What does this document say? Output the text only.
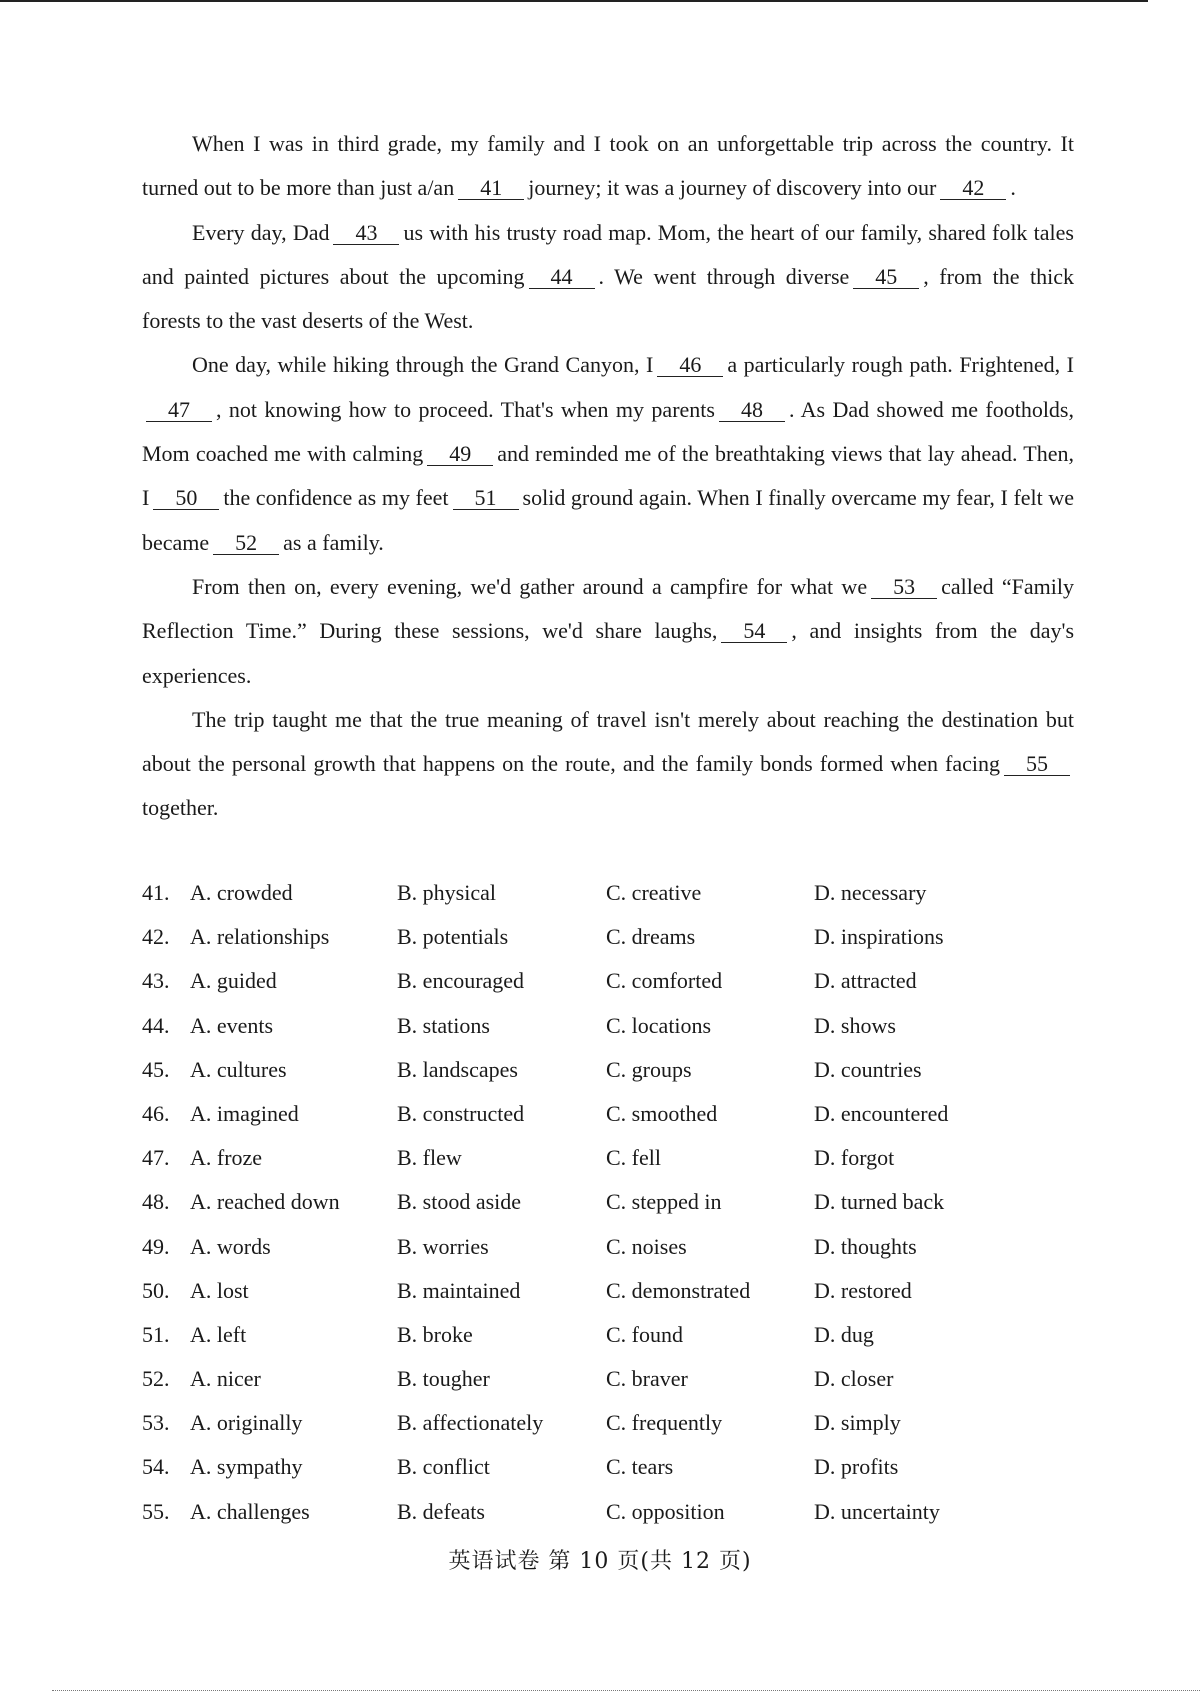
When I was in third grade, my family and I took on an unforgettable trip across the country. It turned out to be more than just a/an 41 journey; it was a journey of discovery into our 42 .

Every day, Dad 43 us with his trusty road map. Mom, the heart of our family, shared folk tales and painted pictures about the upcoming 44 . We went through diverse 45 , from the thick forests to the vast deserts of the West.

One day, while hiking through the Grand Canyon, I 46 a particularly rough path. Frightened, I47 , not knowing how to proceed. That's when my parents 48 . As Dad showed me footholds, Mom coached me with calming 49 and reminded me of the breathtaking views that lay ahead. Then, I 50 the confidence as my feet 51 solid ground again. When I finally overcame my fear, I felt we became 52 as a family.

From then on, every evening, we'd gather around a campfire for what we 53 called “Family Reflection Time.” During these sessions, we'd share laughs, 54 , and insights from the day's experiences.

The trip taught me that the true meaning of travel isn't merely about reaching the destination but about the personal growth that happens on the route, and the family bonds formed when facing 55together.

41. A. crowded	B. physical	C. creative	D. necessary
42. A. relationships	B. potentials	C. dreams	D. inspirations
43. A. guided	B. encouraged	C. comforted	D. attracted
44. A. events	B. stations	C. locations	D. shows
45. A. cultures	B. landscapes	C. groups	D. countries
46. A. imagined	B. constructed	C. smoothed	D. encountered
47. A. froze	B. flew	C. fell	D. forgot
48. A. reached down	B. stood aside	C. stepped in	D. turned back
49. A. words	B. worries	C. noises	D. thoughts
50. A. lost	B. maintained	C. demonstrated	D. restored
51. A. left	B. broke	C. found	D. dug
52. A. nicer	B. tougher	C. braver	D. closer
53. A. originally	B. affectionately	C. frequently	D. simply
54. A. sympathy	B. conflict	C. tears	D. profits
55. A. challenges	B. defeats	C. opposition	D. uncertainty
英语试卷 第 10 页(共 12 页)
